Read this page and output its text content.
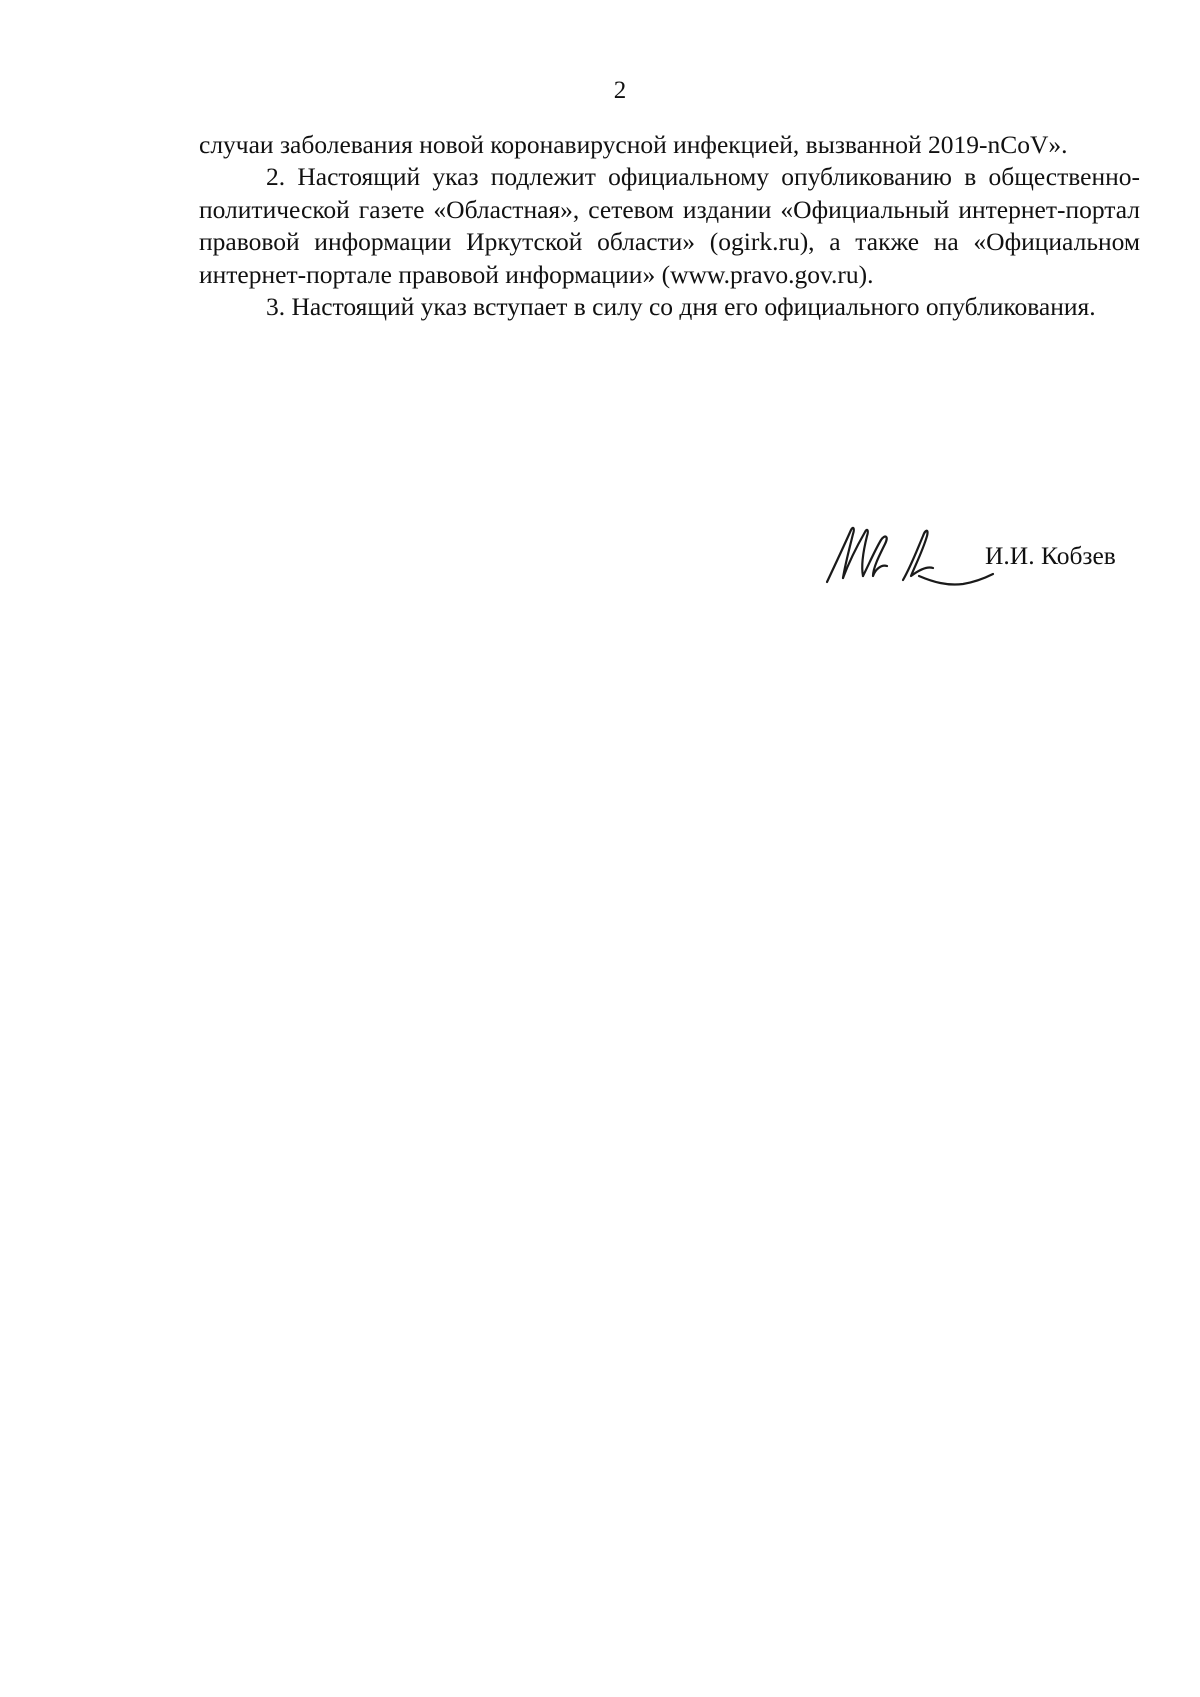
2

случаи заболевания новой коронавирусной инфекцией, вызванной 2019-nCoV».

2. Настоящий указ подлежит официальному опубликованию в общественно-политической газете «Областная», сетевом издании «Официальный интернет-портал правовой информации Иркутской области» (ogirk.ru), а также на «Официальном интернет-портале правовой информации» (www.pravo.gov.ru).

3. Настоящий указ вступает в силу со дня его официального опубликования.

И.И. Кобзев
